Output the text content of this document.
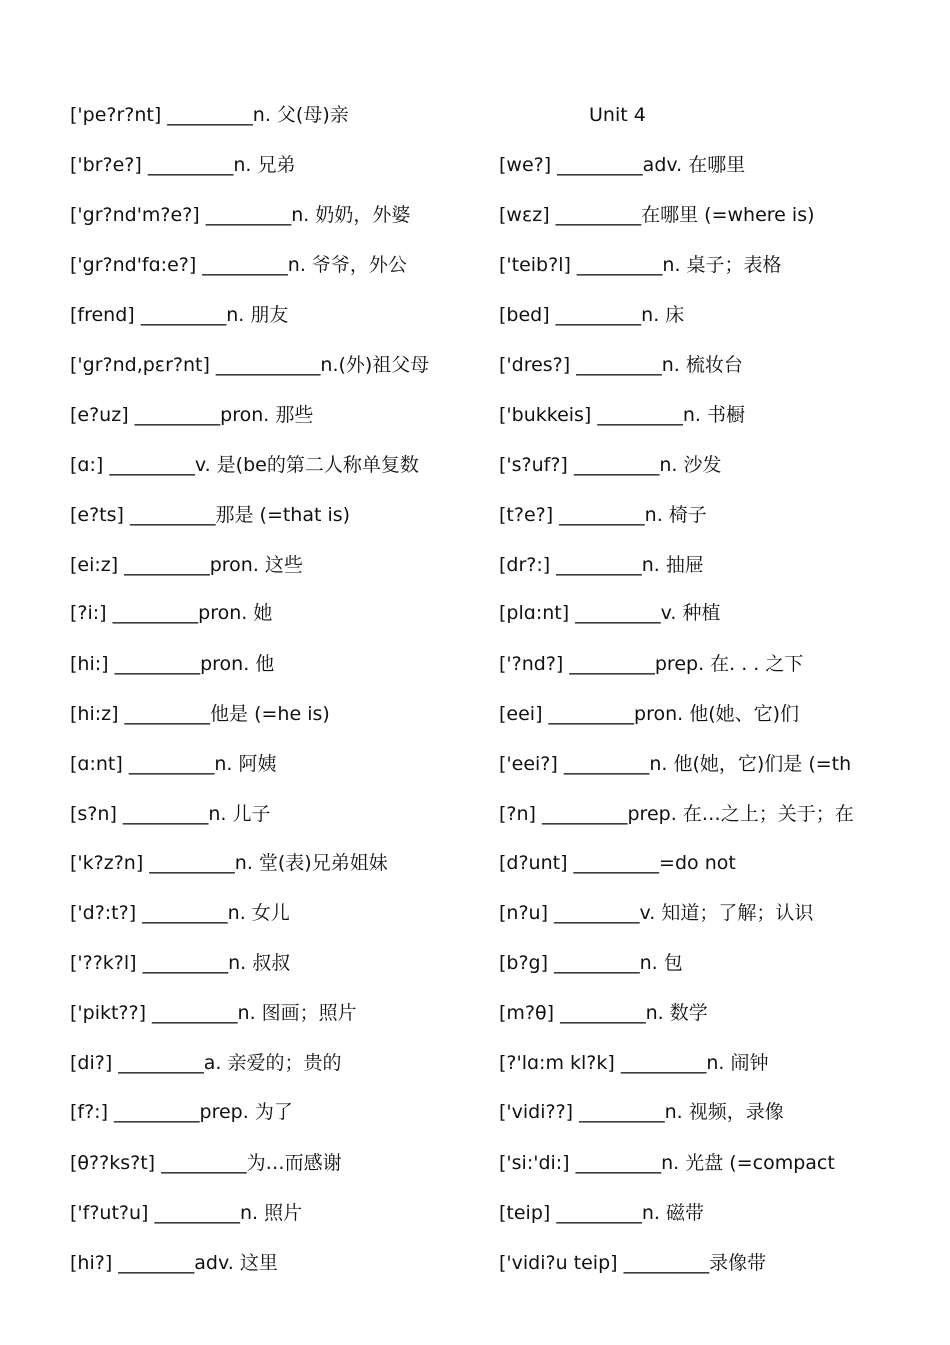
['pe?r?nt] _________n. 父(母)亲
['br?e?] _________n. 兄弟
['gr?nd'm?e?] _________n. 奶奶，外婆
['gr?nd'fɑ:e?] _________n. 爷爷，外公
[frend] _________n. 朋友
['gr?nd,pεr?nt] ___________n.(外)祖父母
[e?uz] _________pron. 那些
[ɑ:] _________v. 是(be的第二人称单复数
[e?ts] _________那是 (=that is)
[ei:z] _________pron. 这些
[?i:] _________pron. 她
[hi:] _________pron. 他
[hi:z] _________他是 (=he is)
[ɑ:nt] _________n. 阿姨
[s?n] _________n. 儿子
['k?z?n] _________n. 堂(表)兄弟姐妹
['d?:t?] _________n. 女儿
['??k?l] _________n. 叔叔
['pikt??] _________n. 图画；照片
[di?] _________a. 亲爱的；贵的
[f?:] _________prep. 为了
[θ??ks?t] _________为…而感谢
['f?ut?u] _________n. 照片
[hi?] ________adv. 这里
Unit 4
[we?] _________adv. 在哪里
[wεz] _________在哪里 (=where is)
['teib?l] _________n. 桌子；表格
[bed] _________n. 床
['dres?] _________n. 梳妆台
['bukkeis] _________n. 书橱
['s?uf?] _________n. 沙发
[t?e?] _________n. 椅子
[dr?:] _________n. 抽屉
[plɑ:nt] _________v. 种植
['?nd?] _________prep. 在. . . 之下
[eei] _________pron. 他(她、它)们
['eei?] _________n. 他(她，它)们是 (=th
[?n] _________prep. 在…之上；关于；在
[d?unt] _________=do not
[n?u] _________v. 知道；了解；认识
[b?g] _________n. 包
[m?θ] _________n. 数学
[?'lɑ:m kl?k] _________n. 闹钟
['vidi??] _________n. 视频，录像
['si:'di:] _________n. 光盘 (=compact
[teip] _________n. 磁带
['vidi?u teip] _________录像带
